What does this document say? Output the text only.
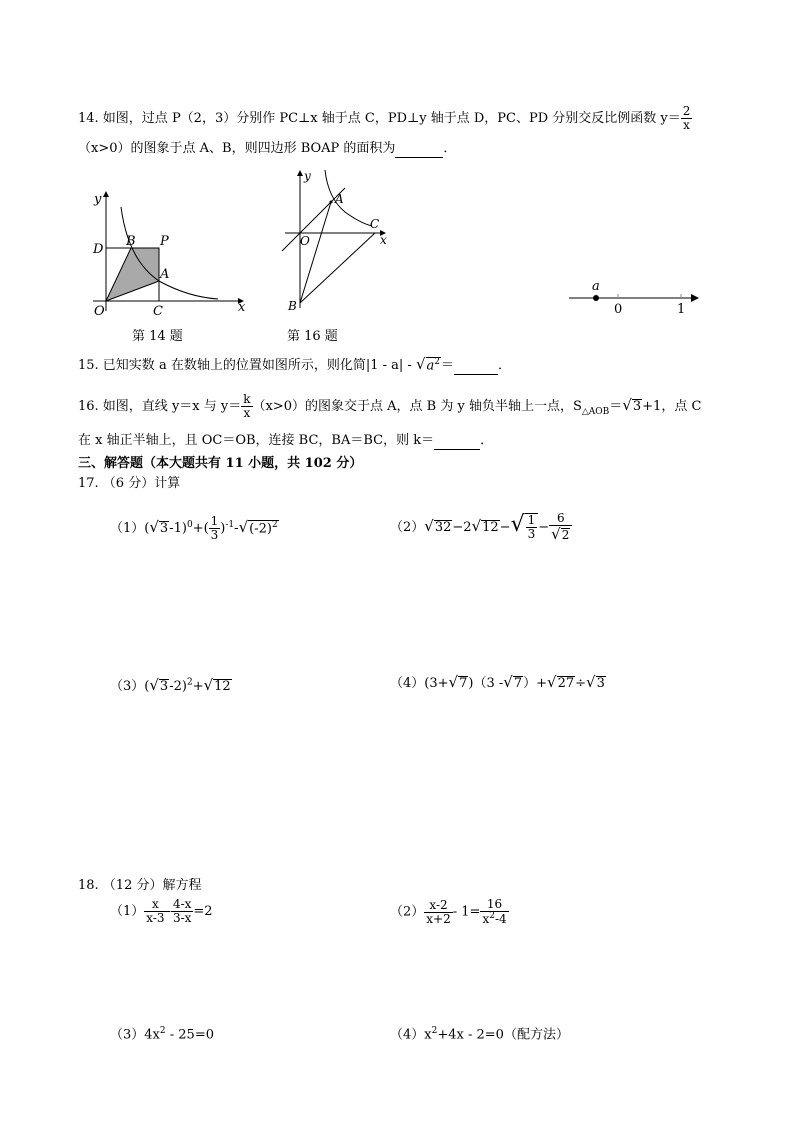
14. 如图，过点 P（2，3）分别作 PC⊥x 轴于点 C，PD⊥y 轴于点 D，PC、PD 分别交反比例函数 $y= \frac{2}{x}$
（x>0）的图象于点 A、B，则四边形 BOAP 的面积为	．
y
x
O
D
B P
A
C
第 14 题
y
x
O
A
B
C
第 16 题
a
0	1
15. 已知实数 a 在数轴上的位置如图所示，则化简$|1 - a| - √a^2=$	．
16. 如图，直线 y＝x 与 $y= \frac{k}{x} (x>0)$的图象交于点 A，点 B 为 y 轴负半轴上一点，$S_{\triangle AOB}=√3+1$，点 C
在 x 轴正半轴上，且 OC＝OB，连接 BC，BA＝BC，则 k＝	．
三、解答题（本大题共有 11 小题，共 102 分）
17. （6 分）计算
$(1)(√3-1)^0+( \frac{1}{3} )^{-1}-√(-2)^2$	$(2)√32-2√12-√ \frac{1}{3} - \frac{6}{√2}$
$(3)(√3-2)^2+√12$	（4）(3+√7)（3 -√7）+√27÷√3
18. （12 分）解方程
$(1) \frac{x}{x-3} - \frac{4-x}{3-x} =2$	$(2) \frac{x-2}{x+2} - 1= \frac{16}{x^2-4}$
$(3)4x^2 - 25=0$	$(4)x^2+4x - 2=0$（配方法）
